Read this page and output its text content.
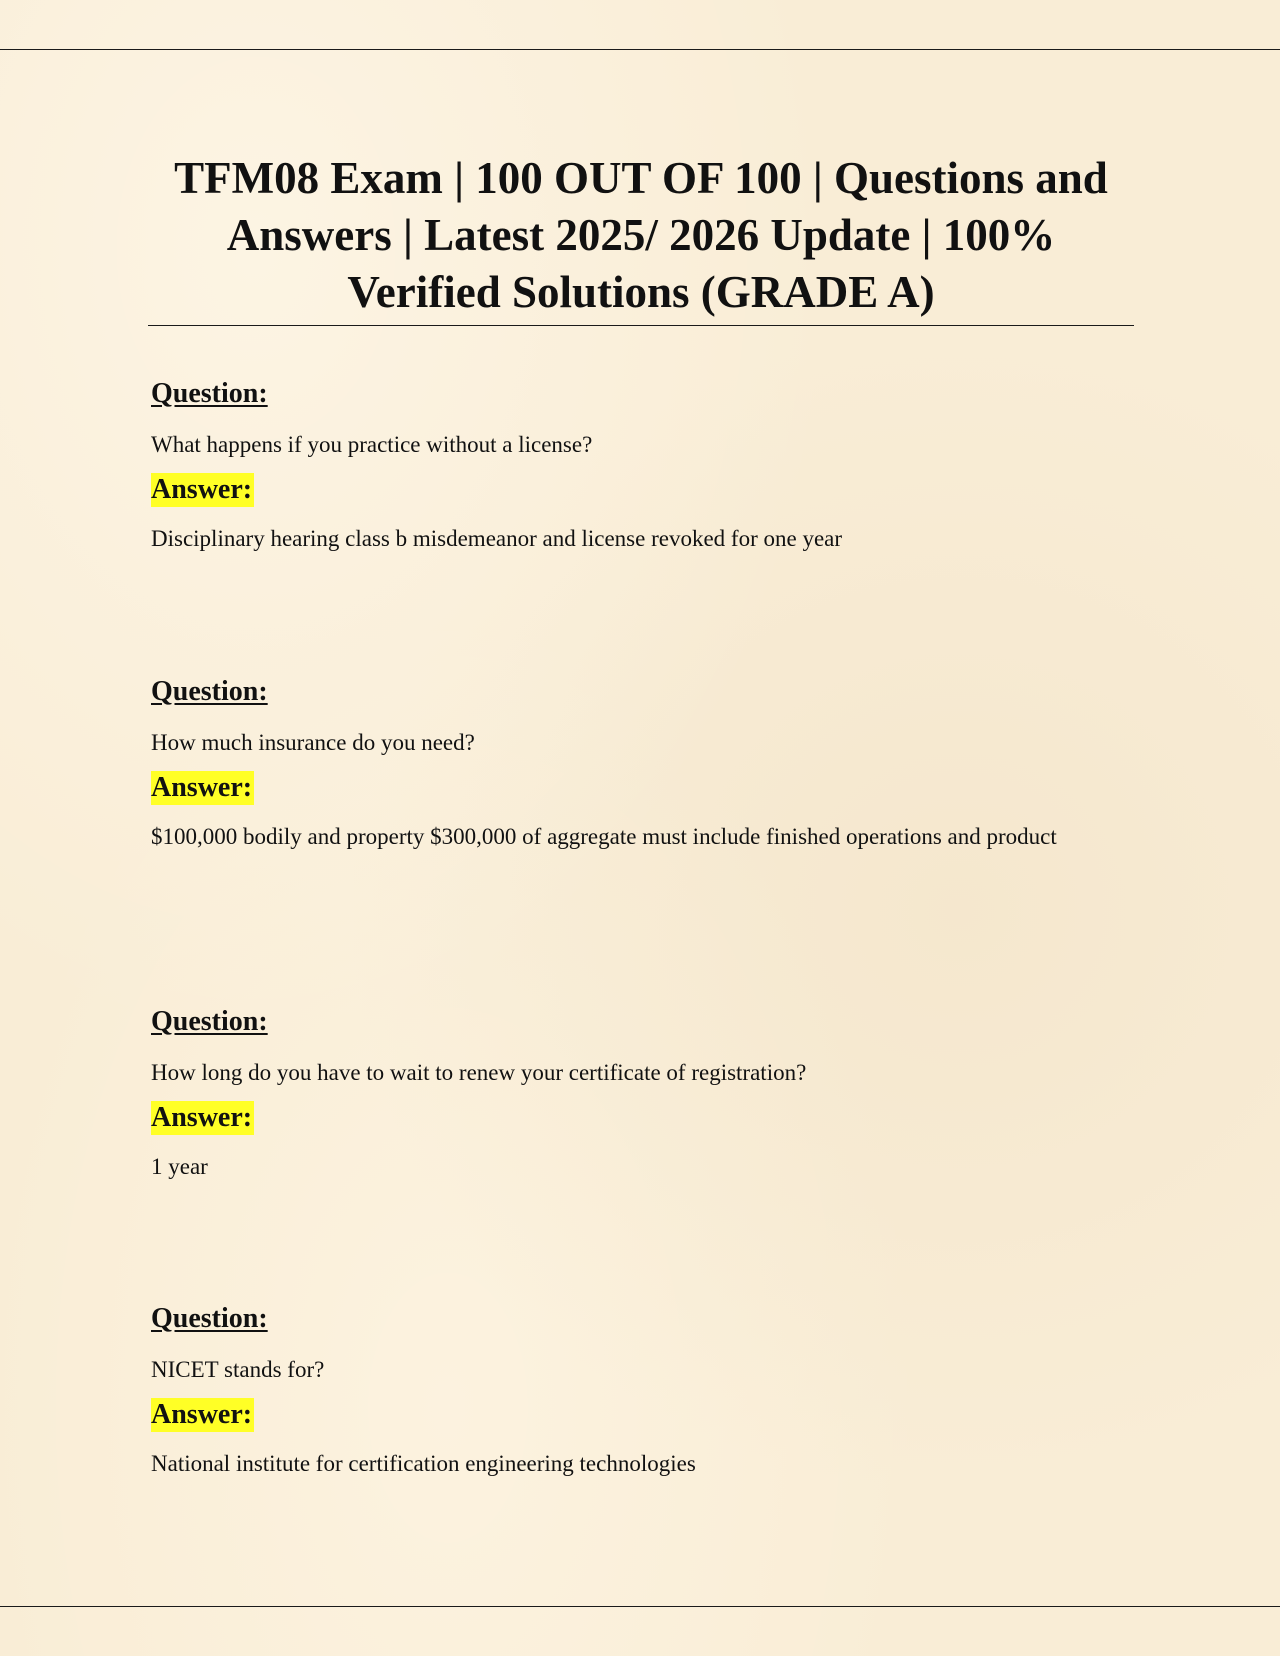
TFM08 Exam | 100 OUT OF 100 | Questions and Answers | Latest 2025/ 2026 Update | 100% Verified Solutions (GRADE A)
Question:
What happens if you practice without a license?
Answer:
Disciplinary hearing class b misdemeanor and license revoked for one year
Question:
How much insurance do you need?
Answer:
$100,000 bodily and property $300,000 of aggregate must include finished operations and product
Question:
How long do you have to wait to renew your certificate of registration?
Answer:
1 year
Question:
NICET stands for?
Answer:
National institute for certification engineering technologies
